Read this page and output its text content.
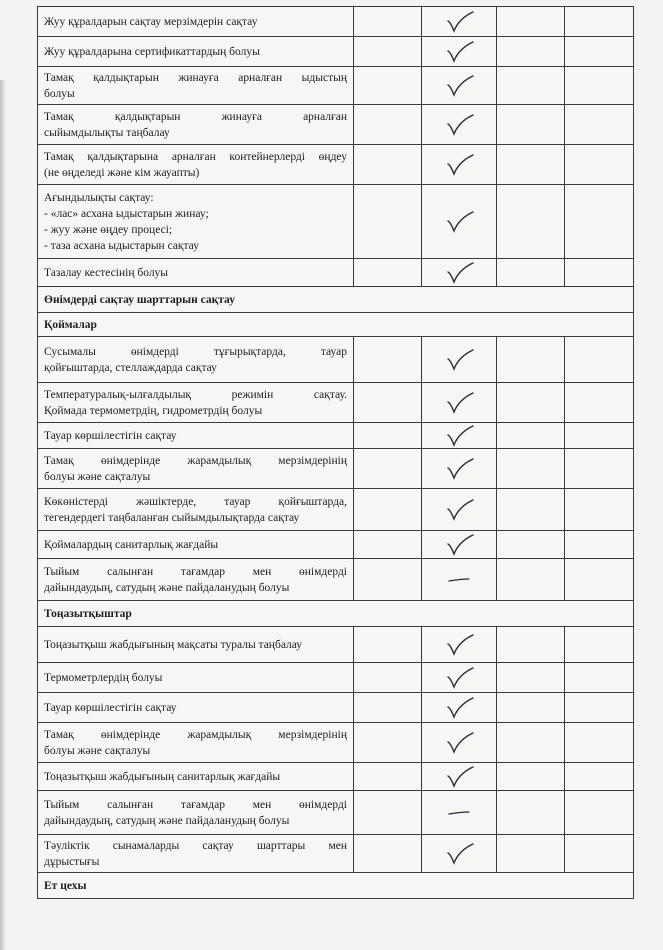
Жуу құралдарын сақтау мерзімдерін сақтау

Жуу құралдарына сертификаттардың болуы

Тамақ қалдықтарын жинауға арналған ыдыстың
болуы

Тамақ қалдықтарын жинауға арналған
сыйымдылықты таңбалау

Тамақ қалдықтарына арналған контейнерлерді өңдеу
(не өңделеді және кім жауапты)

Ағындылықты сақтау:
- «лас» асхана ыдыстарын жинау;
- жуу және өңдеу процесі;
- таза асхана ыдыстарын сақтау

Тазалау кестесінің болуы

Өнімдерді сақтау шарттарын сақтау				
Қоймалар				

Сусымалы өнімдерді тұғырықтарда, тауар
қойғыштарда, стеллаждарда сақтау

Температуралық-ылғалдылық режимін сақтау.
Қоймада термометрдің, гидрометрдің болуы

Тауар көршілестігін сақтау

Тамақ өнімдерінде жарамдылық мерзімдерінің
болуы және сақталуы

Көкөністерді жәшіктерде, тауар қойғыштарда,
тегендердегі таңбаланған сыйымдылықтарда сақтау

Қоймалардың санитарлық жағдайы

Тыйым салынған тағамдар мен өнімдерді
дайындаудың, сатудың және пайдаланудың болуы

Тоңазытқыштар				

Тоңазытқыш жабдығының мақсаты туралы таңбалау

Термометрлердің болуы

Тауар көршілестігін сақтау

Тамақ өнімдерінде жарамдылық мерзімдерінің
болуы және сақталуы

Тоңазытқыш жабдығының санитарлық жағдайы

Тыйым салынған тағамдар мен өнімдерді
дайындаудың, сатудың және пайдаланудың болуы

Тәуліктік сынамаларды сақтау шарттары мен
дұрыстығы

Ет цехы				
